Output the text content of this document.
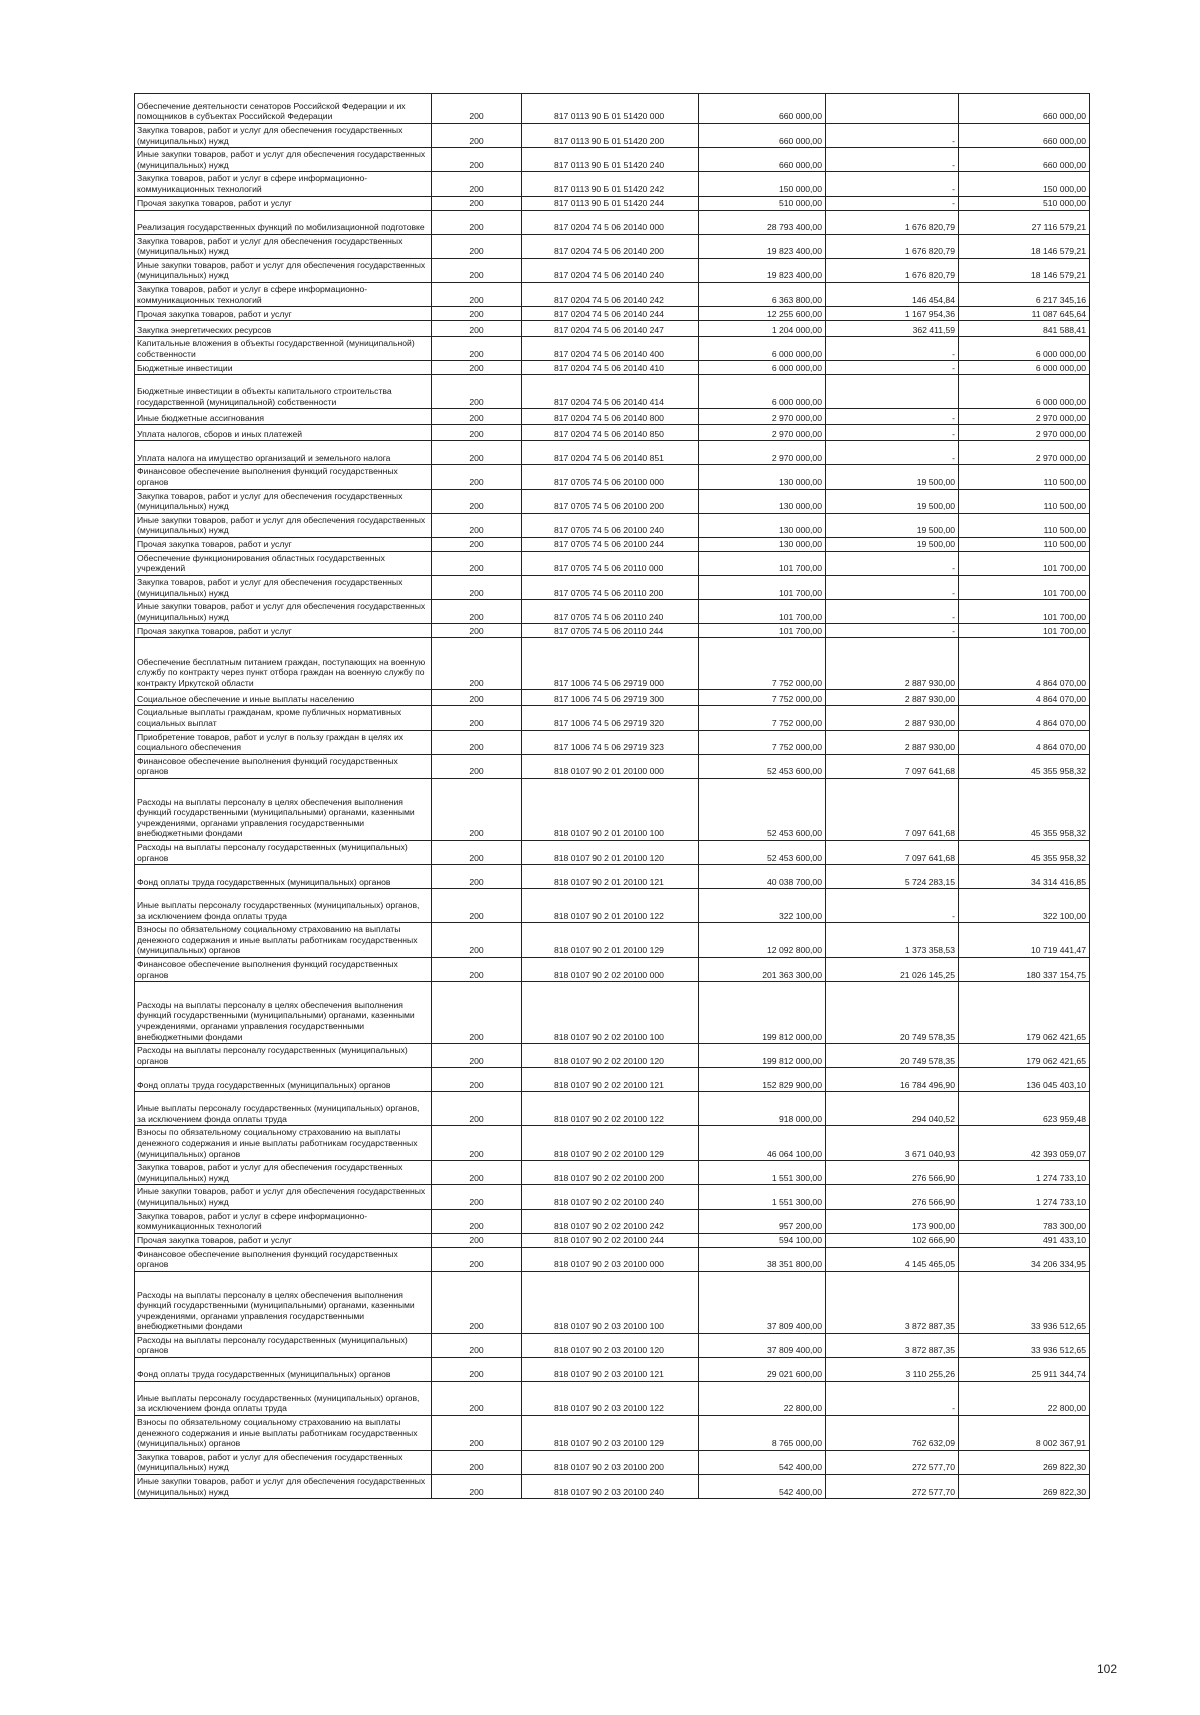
Обеспечение деятельности сенаторов Российской Федерации и их помощников в субъектах Российской Федерации	200	817 0113 90 Б 01 51420 000	660 000,00		660 000,00
Закупка товаров, работ и услуг для обеспечения государственных (муниципальных) нужд	200	817 0113 90 Б 01 51420 200	660 000,00	-	660 000,00
Иные закупки товаров, работ и услуг для обеспечения государственных (муниципальных) нужд	200	817 0113 90 Б 01 51420 240	660 000,00	-	660 000,00
Закупка товаров, работ и услуг в сфере информационно-коммуникационных технологий	200	817 0113 90 Б 01 51420 242	150 000,00	-	150 000,00
Прочая закупка товаров, работ и услуг	200	817 0113 90 Б 01 51420 244	510 000,00	-	510 000,00
Реализация государственных функций по мобилизационной подготовке	200	817 0204 74 5 06 20140 000	28 793 400,00	1 676 820,79	27 116 579,21
Закупка товаров, работ и услуг для обеспечения государственных (муниципальных) нужд	200	817 0204 74 5 06 20140 200	19 823 400,00	1 676 820,79	18 146 579,21
Иные закупки товаров, работ и услуг для обеспечения государственных (муниципальных) нужд	200	817 0204 74 5 06 20140 240	19 823 400,00	1 676 820,79	18 146 579,21
Закупка товаров, работ и услуг в сфере информационно-коммуникационных технологий	200	817 0204 74 5 06 20140 242	6 363 800,00	146 454,84	6 217 345,16
Прочая закупка товаров, работ и услуг	200	817 0204 74 5 06 20140 244	12 255 600,00	1 167 954,36	11 087 645,64
Закупка энергетических ресурсов	200	817 0204 74 5 06 20140 247	1 204 000,00	362 411,59	841 588,41
Капитальные вложения в объекты государственной (муниципальной) собственности	200	817 0204 74 5 06 20140 400	6 000 000,00	-	6 000 000,00
Бюджетные инвестиции	200	817 0204 74 5 06 20140 410	6 000 000,00	-	6 000 000,00
Бюджетные инвестиции в объекты капитального строительства государственной (муниципальной) собственности	200	817 0204 74 5 06 20140 414	6 000 000,00		6 000 000,00
Иные бюджетные ассигнования	200	817 0204 74 5 06 20140 800	2 970 000,00	-	2 970 000,00
Уплата налогов, сборов и иных платежей	200	817 0204 74 5 06 20140 850	2 970 000,00	-	2 970 000,00
Уплата налога на имущество организаций и земельного налога	200	817 0204 74 5 06 20140 851	2 970 000,00	-	2 970 000,00
Финансовое обеспечение выполнения функций государственных органов	200	817 0705 74 5 06 20100 000	130 000,00	19 500,00	110 500,00
Закупка товаров, работ и услуг для обеспечения государственных (муниципальных) нужд	200	817 0705 74 5 06 20100 200	130 000,00	19 500,00	110 500,00
Иные закупки товаров, работ и услуг для обеспечения государственных (муниципальных) нужд	200	817 0705 74 5 06 20100 240	130 000,00	19 500,00	110 500,00
Прочая закупка товаров, работ и услуг	200	817 0705 74 5 06 20100 244	130 000,00	19 500,00	110 500,00
Обеспечение функционирования областных государственных учреждений	200	817 0705 74 5 06 20110 000	101 700,00	-	101 700,00
Закупка товаров, работ и услуг для обеспечения государственных (муниципальных) нужд	200	817 0705 74 5 06 20110 200	101 700,00	-	101 700,00
Иные закупки товаров, работ и услуг для обеспечения государственных (муниципальных) нужд	200	817 0705 74 5 06 20110 240	101 700,00	-	101 700,00
Прочая закупка товаров, работ и услуг	200	817 0705 74 5 06 20110 244	101 700,00	-	101 700,00
Обеспечение бесплатным питанием граждан, поступающих на военную службу по контракту через пункт отбора граждан на военную службу по контракту Иркутской области	200	817 1006 74 5 06 29719 000	7 752 000,00	2 887 930,00	4 864 070,00
Социальное обеспечение и иные выплаты населению	200	817 1006 74 5 06 29719 300	7 752 000,00	2 887 930,00	4 864 070,00
Социальные выплаты гражданам, кроме публичных нормативных социальных выплат	200	817 1006 74 5 06 29719 320	7 752 000,00	2 887 930,00	4 864 070,00
Приобретение товаров, работ и услуг в пользу граждан в целях их социального обеспечения	200	817 1006 74 5 06 29719 323	7 752 000,00	2 887 930,00	4 864 070,00
Финансовое обеспечение выполнения функций государственных органов	200	818 0107 90 2 01 20100 000	52 453 600,00	7 097 641,68	45 355 958,32
Расходы на выплаты персоналу в целях обеспечения выполнения функций государственными (муниципальными) органами, казенными учреждениями, органами управления государственными внебюджетными фондами	200	818 0107 90 2 01 20100 100	52 453 600,00	7 097 641,68	45 355 958,32
Расходы на выплаты персоналу государственных (муниципальных) органов	200	818 0107 90 2 01 20100 120	52 453 600,00	7 097 641,68	45 355 958,32
Фонд оплаты труда государственных (муниципальных) органов	200	818 0107 90 2 01 20100 121	40 038 700,00	5 724 283,15	34 314 416,85
Иные выплаты персоналу государственных (муниципальных) органов, за исключением фонда оплаты труда	200	818 0107 90 2 01 20100 122	322 100,00	-	322 100,00
Взносы по обязательному социальному страхованию на выплаты денежного содержания и иные выплаты работникам государственных (муниципальных) органов	200	818 0107 90 2 01 20100 129	12 092 800,00	1 373 358,53	10 719 441,47
Финансовое обеспечение выполнения функций государственных органов	200	818 0107 90 2 02 20100 000	201 363 300,00	21 026 145,25	180 337 154,75
Расходы на выплаты персоналу в целях обеспечения выполнения функций государственными (муниципальными) органами, казенными учреждениями, органами управления государственными внебюджетными фондами	200	818 0107 90 2 02 20100 100	199 812 000,00	20 749 578,35	179 062 421,65
Расходы на выплаты персоналу государственных (муниципальных) органов	200	818 0107 90 2 02 20100 120	199 812 000,00	20 749 578,35	179 062 421,65
Фонд оплаты труда государственных (муниципальных) органов	200	818 0107 90 2 02 20100 121	152 829 900,00	16 784 496,90	136 045 403,10
Иные выплаты персоналу государственных (муниципальных) органов, за исключением фонда оплаты труда	200	818 0107 90 2 02 20100 122	918 000,00	294 040,52	623 959,48
Взносы по обязательному социальному страхованию на выплаты денежного содержания и иные выплаты работникам государственных (муниципальных) органов	200	818 0107 90 2 02 20100 129	46 064 100,00	3 671 040,93	42 393 059,07
Закупка товаров, работ и услуг для обеспечения государственных (муниципальных) нужд	200	818 0107 90 2 02 20100 200	1 551 300,00	276 566,90	1 274 733,10
Иные закупки товаров, работ и услуг для обеспечения государственных (муниципальных) нужд	200	818 0107 90 2 02 20100 240	1 551 300,00	276 566,90	1 274 733,10
Закупка товаров, работ и услуг в сфере информационно-коммуникационных технологий	200	818 0107 90 2 02 20100 242	957 200,00	173 900,00	783 300,00
Прочая закупка товаров, работ и услуг	200	818 0107 90 2 02 20100 244	594 100,00	102 666,90	491 433,10
Финансовое обеспечение выполнения функций государственных органов	200	818 0107 90 2 03 20100 000	38 351 800,00	4 145 465,05	34 206 334,95
Расходы на выплаты персоналу в целях обеспечения выполнения функций государственными (муниципальными) органами, казенными учреждениями, органами управления государственными внебюджетными фондами	200	818 0107 90 2 03 20100 100	37 809 400,00	3 872 887,35	33 936 512,65
Расходы на выплаты персоналу государственных (муниципальных) органов	200	818 0107 90 2 03 20100 120	37 809 400,00	3 872 887,35	33 936 512,65
Фонд оплаты труда государственных (муниципальных) органов	200	818 0107 90 2 03 20100 121	29 021 600,00	3 110 255,26	25 911 344,74
Иные выплаты персоналу государственных (муниципальных) органов, за исключением фонда оплаты труда	200	818 0107 90 2 03 20100 122	22 800,00	-	22 800,00
Взносы по обязательному социальному страхованию на выплаты денежного содержания и иные выплаты работникам государственных (муниципальных) органов	200	818 0107 90 2 03 20100 129	8 765 000,00	762 632,09	8 002 367,91
Закупка товаров, работ и услуг для обеспечения государственных (муниципальных) нужд	200	818 0107 90 2 03 20100 200	542 400,00	272 577,70	269 822,30
Иные закупки товаров, работ и услуг для обеспечения государственных (муниципальных) нужд	200	818 0107 90 2 03 20100 240	542 400,00	272 577,70	269 822,30
102
